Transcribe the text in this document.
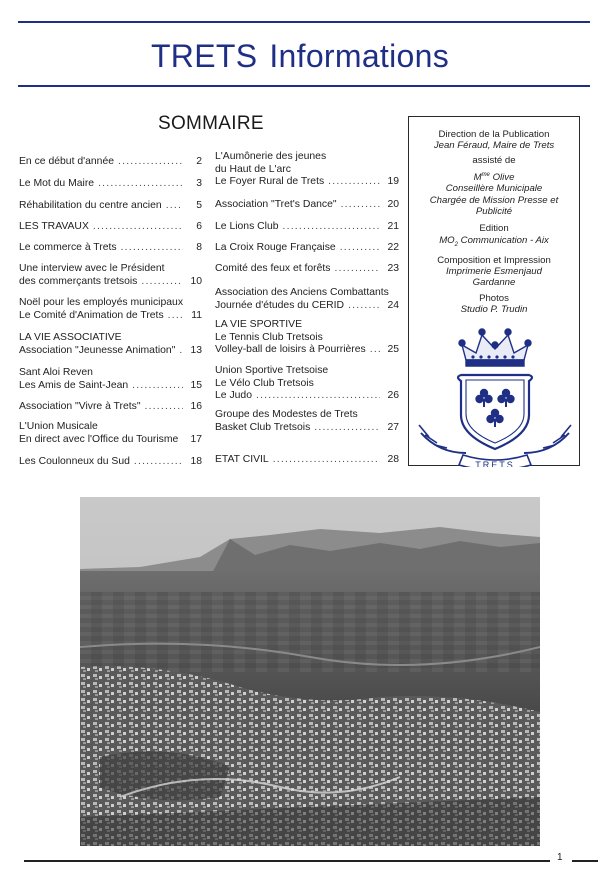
TRETS Informations
SOMMAIRE
En ce début d'année .....	2
Le Mot du Maire .....	3
Réhabilitation du centre ancien .....	5
LES TRAVAUX .....	6
Le commerce à Trets .....	8
Une interview avec le Président
des commerçants tretsois .....	10
Noël pour les employés municipaux
Le Comité d'Animation de Trets .....	11
LA VIE ASSOCIATIVE
Association "Jeunesse Animation" .....	13
Sant Aloi Reven
Les Amis de Saint-Jean .....	15
Association "Vivre à Trets" .....	16
L'Union Musicale
En direct avec l'Office du Tourisme .....	17
Les Coulonneux du Sud .....	18
L'Aumônerie des jeunes
du Haut de L'arc
Le Foyer Rural de Trets .....	19
Association "Tret's Dance" .....	20
Le Lions Club .....	21
La Croix Rouge Française .....	22
Comité des feux et forêts .....	23
Association des Anciens Combattants
Journée d'études du CERID .....	24
LA VIE SPORTIVE
Le Tennis Club Tretsois
Volley-ball de loisirs à Pourrières .....	25
Union Sportive Tretsoise
Le Vélo Club Tretsois
Le Judo .....	26
Groupe des Modestes de Trets
Basket Club Tretsois .....	27
ETAT CIVIL .....	28
Direction de la Publication
Jean Féraud, Maire de Trets
assisté de
$M^{me}$ Olive
Conseillère Municipale
Chargée de Mission Presse et
Publicité
Edition
$MO_2$ Communication - Aix
Composition et Impression
Imprimerie Esmenjaud
Gardanne
Photos
Studio P. Trudin
TRETS
1
